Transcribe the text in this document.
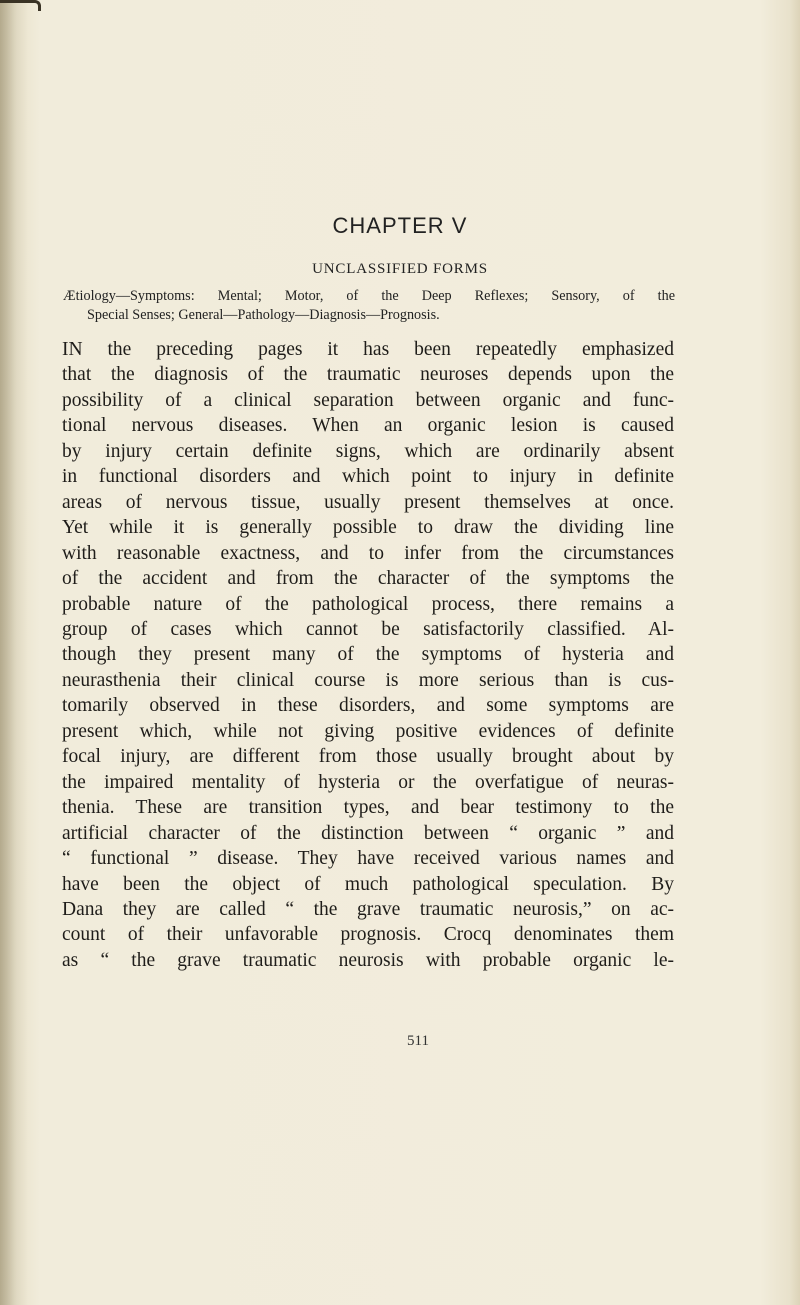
CHAPTER V
UNCLASSIFIED FORMS
Ætiology—Symptoms: Mental; Motor, of the Deep Reflexes; Sensory, of the
Special Senses; General—Pathology—Diagnosis—Prognosis.
IN the preceding pages it has been repeatedly emphasized
that the diagnosis of the traumatic neuroses depends upon the
possibility of a clinical separation between organic and func-
tional nervous diseases. When an organic lesion is caused
by injury certain definite signs, which are ordinarily absent
in functional disorders and which point to injury in definite
areas of nervous tissue, usually present themselves at once.
Yet while it is generally possible to draw the dividing line
with reasonable exactness, and to infer from the circumstances
of the accident and from the character of the symptoms the
probable nature of the pathological process, there remains a
group of cases which cannot be satisfactorily classified. Al-
though they present many of the symptoms of hysteria and
neurasthenia their clinical course is more serious than is cus-
tomarily observed in these disorders, and some symptoms are
present which, while not giving positive evidences of definite
focal injury, are different from those usually brought about by
the impaired mentality of hysteria or the overfatigue of neuras-
thenia. These are transition types, and bear testimony to the
artificial character of the distinction between “ organic ” and
“ functional ” disease. They have received various names and
have been the object of much pathological speculation. By
Dana they are called “ the grave traumatic neurosis,” on ac-
count of their unfavorable prognosis. Crocq denominates them
as “ the grave traumatic neurosis with probable organic le-
511
